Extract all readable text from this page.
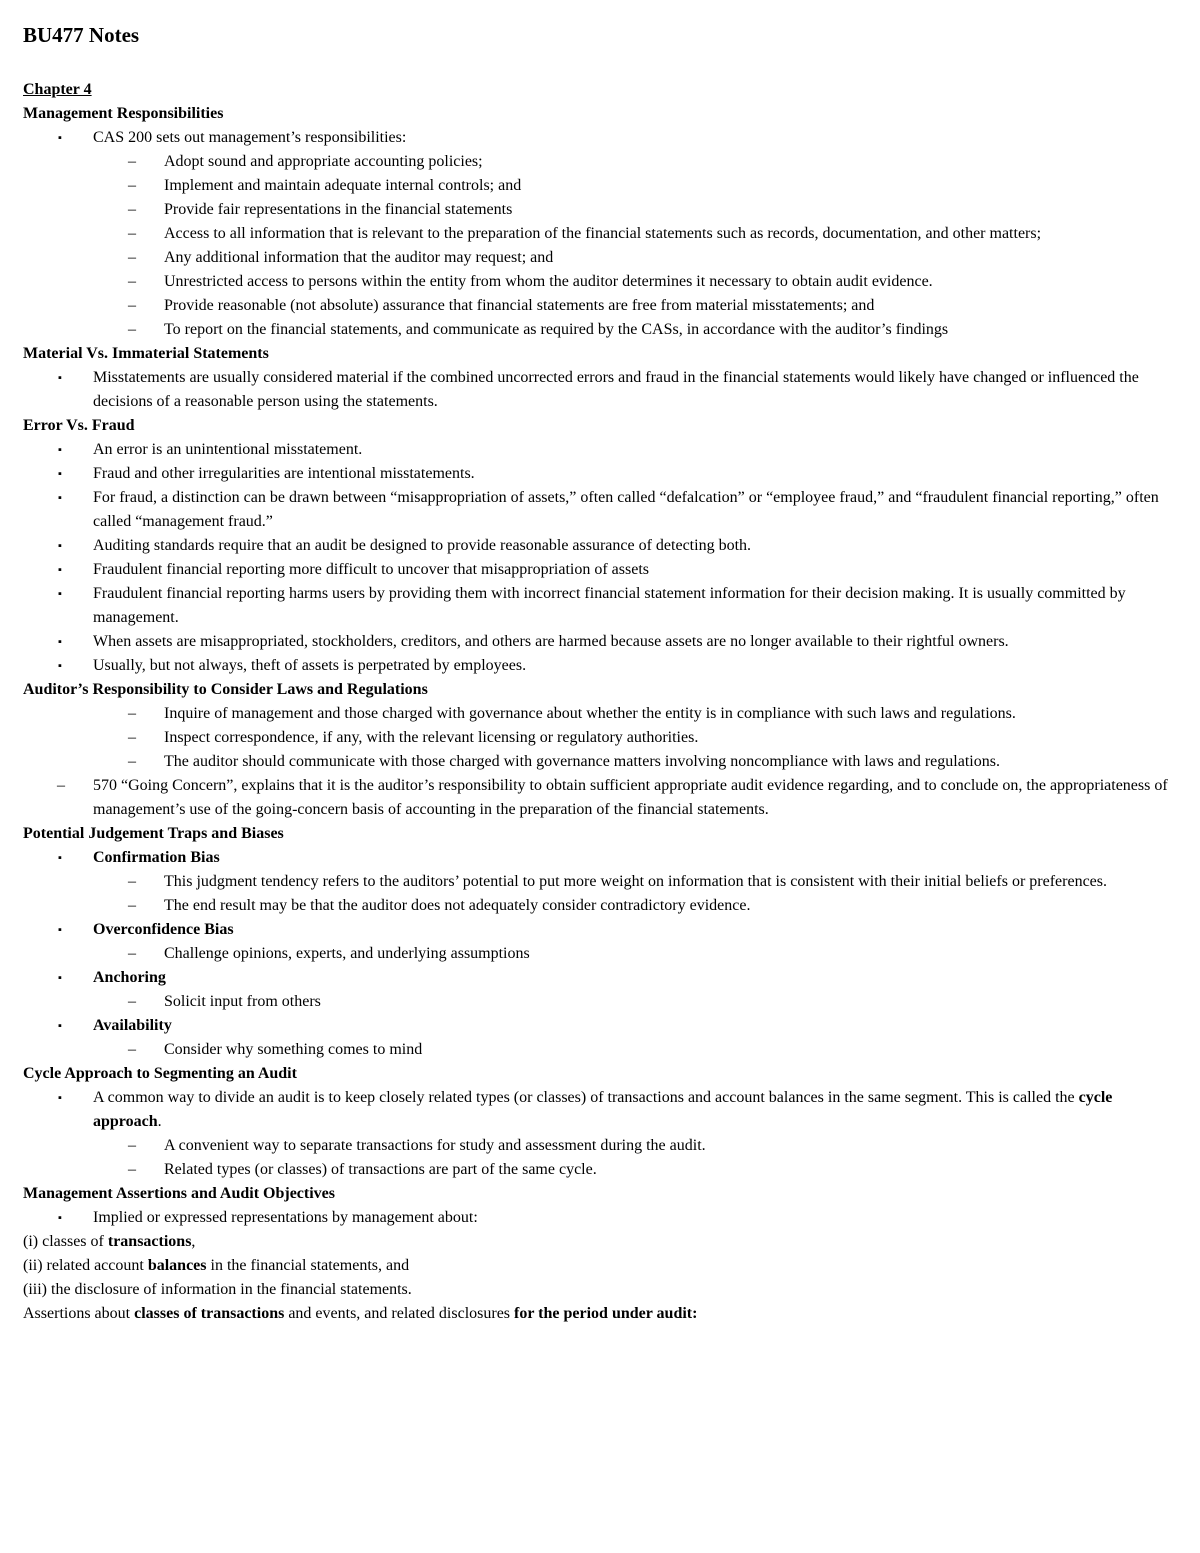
BU477 Notes
Chapter 4
Management Responsibilities
▪ CAS 200 sets out management’s responsibilities:
– Adopt sound and appropriate accounting policies;
– Implement and maintain adequate internal controls; and
– Provide fair representations in the financial statements
– Access to all information that is relevant to the preparation of the financial statements such as records, documentation, and other matters;
– Any additional information that the auditor may request; and
– Unrestricted access to persons within the entity from whom the auditor determines it necessary to obtain audit evidence.
– Provide reasonable (not absolute) assurance that financial statements are free from material misstatements; and
– To report on the financial statements, and communicate as required by the CASs, in accordance with the auditor’s findings
Material Vs. Immaterial Statements
▪ Misstatements are usually considered material if the combined uncorrected errors and fraud in the financial statements would likely have changed or influenced the decisions of a reasonable person using the statements.
Error Vs. Fraud
▪ An error is an unintentional misstatement.
▪ Fraud and other irregularities are intentional misstatements.
▪ For fraud, a distinction can be drawn between “misappropriation of assets,” often called “defalcation” or “employee fraud,” and “fraudulent financial reporting,” often called “management fraud.”
▪ Auditing standards require that an audit be designed to provide reasonable assurance of detecting both.
▪ Fraudulent financial reporting more difficult to uncover that misappropriation of assets
▪ Fraudulent financial reporting harms users by providing them with incorrect financial statement information for their decision making. It is usually committed by management.
▪ When assets are misappropriated, stockholders, creditors, and others are harmed because assets are no longer available to their rightful owners.
▪ Usually, but not always, theft of assets is perpetrated by employees.
Auditor’s Responsibility to Consider Laws and Regulations
– Inquire of management and those charged with governance about whether the entity is in compliance with such laws and regulations.
– Inspect correspondence, if any, with the relevant licensing or regulatory authorities.
– The auditor should communicate with those charged with governance matters involving noncompliance with laws and regulations.
– 570 “Going Concern”, explains that it is the auditor’s responsibility to obtain sufficient appropriate audit evidence regarding, and to conclude on, the appropriateness of management’s use of the going-concern basis of accounting in the preparation of the financial statements.
Potential Judgement Traps and Biases
▪ Confirmation Bias
– This judgment tendency refers to the auditors’ potential to put more weight on information that is consistent with their initial beliefs or preferences.
– The end result may be that the auditor does not adequately consider contradictory evidence.
▪ Overconfidence Bias
– Challenge opinions, experts, and underlying assumptions
▪ Anchoring
– Solicit input from others
▪ Availability
– Consider why something comes to mind
Cycle Approach to Segmenting an Audit
▪ A common way to divide an audit is to keep closely related types (or classes) of transactions and account balances in the same segment. This is called the cycle approach.
– A convenient way to separate transactions for study and assessment during the audit.
– Related types (or classes) of transactions are part of the same cycle.
Management Assertions and Audit Objectives
▪ Implied or expressed representations by management about:
(i) classes of transactions,
(ii) related account balances in the financial statements, and
(iii) the disclosure of information in the financial statements.
Assertions about classes of transactions and events, and related disclosures for the period under audit:
